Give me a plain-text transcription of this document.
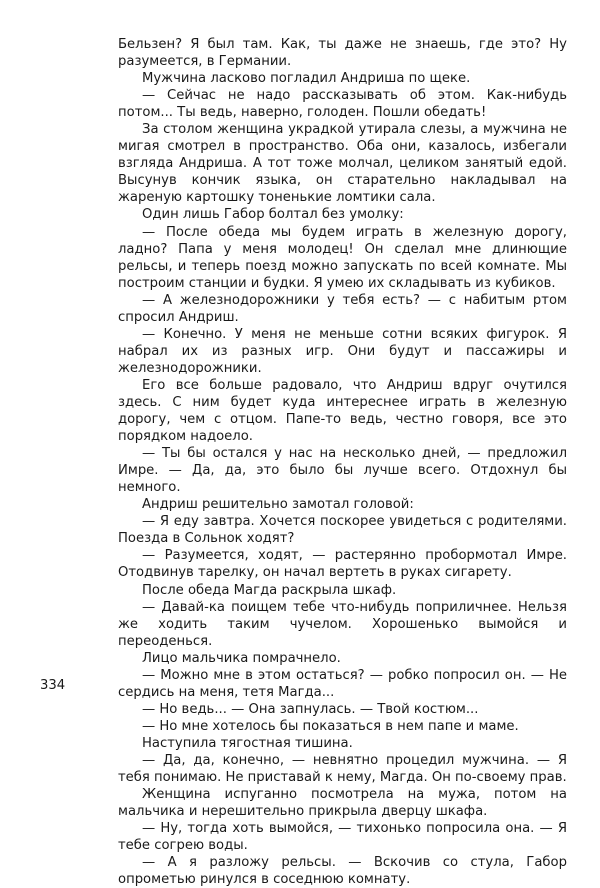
Бельзен? Я был там. Как, ты даже не знаешь, где это? Ну разумеется, в Германии.

Мужчина ласково погладил Андриша по щеке.

— Сейчас не надо рассказывать об этом. Как-нибудь потом... Ты ведь, наверно, голоден. Пошли обедать!

За столом женщина украдкой утирала слезы, а мужчина не мигая смотрел в пространство. Оба они, казалось, избегали взгляда Андриша. А тот тоже молчал, целиком занятый едой. Высунув кончик языка, он старательно накладывал на жареную картошку тоненькие ломтики сала.

Один лишь Габор болтал без умолку:

— После обеда мы будем играть в железную дорогу, ладно? Папа у меня молодец! Он сделал мне длинющие рельсы, и теперь поезд можно запускать по всей комнате. Мы построим станции и будки. Я умею их складывать из кубиков.

— А железнодорожники у тебя есть? — с набитым ртом спросил Андриш.

— Конечно. У меня не меньше сотни всяких фигурок. Я набрал их из разных игр. Они будут и пассажиры и железнодорожники.

Его все больше радовало, что Андриш вдруг очутился здесь. С ним будет куда интереснее играть в железную дорогу, чем с отцом. Папе-то ведь, честно говоря, все это порядком надоело.

— Ты бы остался у нас на несколько дней, — предложил Имре. — Да, да, это было бы лучше всего. Отдохнул бы немного.

Андриш решительно замотал головой:

— Я еду завтра. Хочется поскорее увидеться с родителями. Поезда в Сольнок ходят?

— Разумеется, ходят, — растерянно пробормотал Имре. Отодвинув тарелку, он начал вертеть в руках сигарету.

После обеда Магда раскрыла шкаф.

— Давай-ка поищем тебе что-нибудь поприличнее. Нельзя же ходить таким чучелом. Хорошенько вымойся и переоденься.

Лицо мальчика помрачнело.

— Можно мне в этом остаться? — робко попросил он. — Не сердись на меня, тетя Магда...

— Но ведь... — Она запнулась. — Твой костюм...

— Но мне хотелось бы показаться в нем папе и маме.

Наступила тягостная тишина.

— Да, да, конечно, — невнятно процедил мужчина. — Я тебя понимаю. Не приставай к нему, Магда. Он по-своему прав.

Женщина испуганно посмотрела на мужа, потом на мальчика и нерешительно прикрыла дверцу шкафа.

— Ну, тогда хоть вымойся, — тихонько попросила она. — Я тебе согрею воды.

— А я разложу рельсы. — Вскочив со стула, Габор опрометью ринулся в соседнюю комнату.

334
